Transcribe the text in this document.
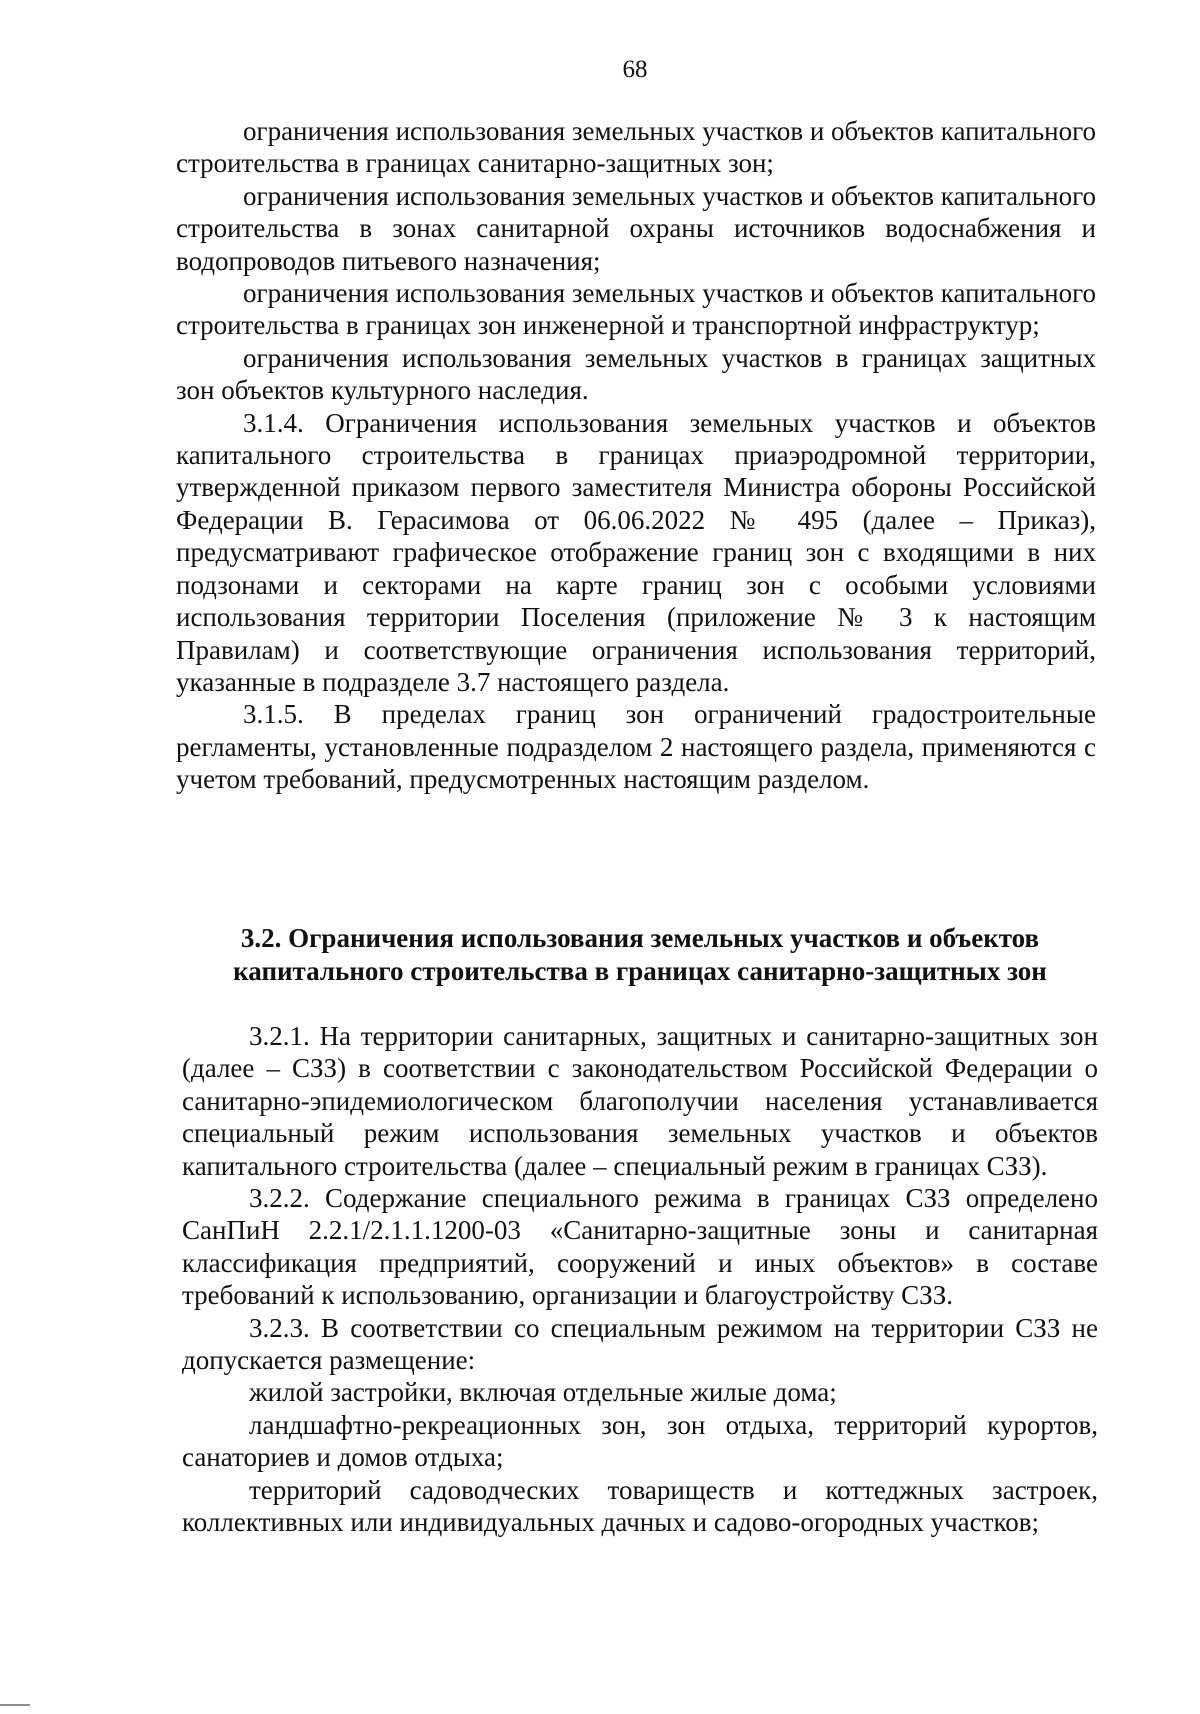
68

ограничения использования земельных участков и объектов капитального строительства в границах санитарно-защитных зон;

ограничения использования земельных участков и объектов капитального строительства в зонах санитарной охраны источников водоснабжения и водопроводов питьевого назначения;

ограничения использования земельных участков и объектов капитального строительства в границах зон инженерной и транспортной инфраструктур;

ограничения использования земельных участков в границах защитных зон объектов культурного наследия.

3.1.4. Ограничения использования земельных участков и объектов капитального строительства в границах приаэродромной территории, утвержденной приказом первого заместителя Министра обороны Российской Федерации В. Герасимова от 06.06.2022 № 495 (далее – Приказ), предусматривают графическое отображение границ зон с входящими в них подзонами и секторами на карте границ зон с особыми условиями использования территории Поселения (приложение № 3 к настоящим Правилам) и соответствующие ограничения использования территорий, указанные в подразделе 3.7 настоящего раздела.

3.1.5. В пределах границ зон ограничений градостроительные регламенты, установленные подразделом 2 настоящего раздела, применяются с учетом требований, предусмотренных настоящим разделом.

3.2. Ограничения использования земельных участков и объектов
капитального строительства в границах санитарно-защитных зон

3.2.1. На территории санитарных, защитных и санитарно-защитных зон (далее – СЗЗ) в соответствии с законодательством Российской Федерации о санитарно-эпидемиологическом благополучии населения устанавливается специальный режим использования земельных участков и объектов капитального строительства (далее – специальный режим в границах СЗЗ).

3.2.2. Содержание специального режима в границах СЗЗ определено СанПиН 2.2.1/2.1.1.1200-03 «Санитарно-защитные зоны и санитарная классификация предприятий, сооружений и иных объектов» в составе требований к использованию, организации и благоустройству СЗЗ.

3.2.3. В соответствии со специальным режимом на территории СЗЗ не допускается размещение:

жилой застройки, включая отдельные жилые дома;

ландшафтно-рекреационных зон, зон отдыха, территорий курортов, санаториев и домов отдыха;

территорий садоводческих товариществ и коттеджных застроек, коллективных или индивидуальных дачных и садово-огородных участков;
